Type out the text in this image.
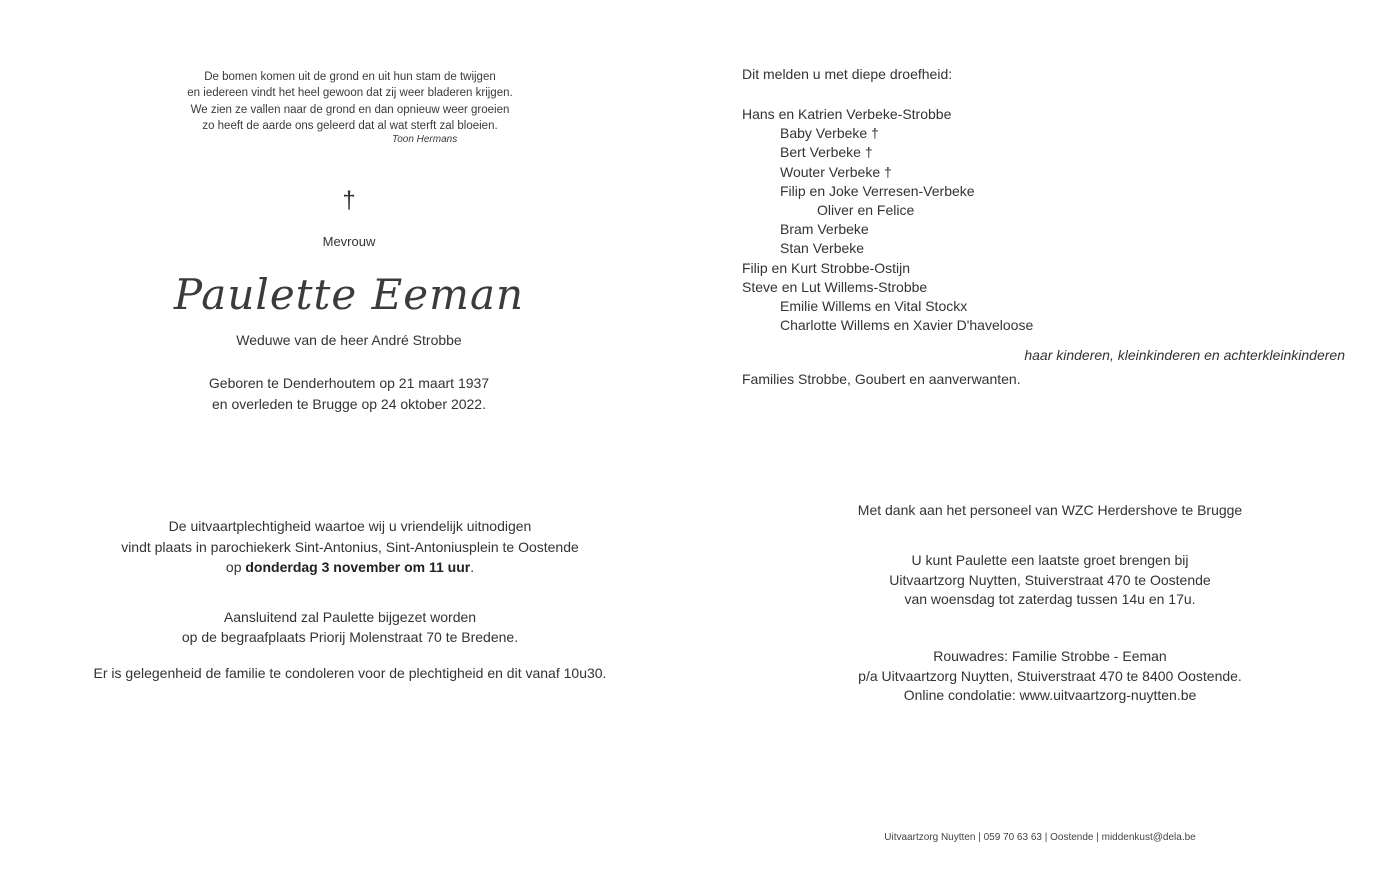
De bomen komen uit de grond en uit hun stam de twijgen
en iedereen vindt het heel gewoon dat zij weer bladeren krijgen.
We zien ze vallen naar de grond en dan opnieuw weer groeien
zo heeft de aarde ons geleerd dat al wat sterft zal bloeien.
Toon Hermans
†
Mevrouw
Paulette Eeman
Weduwe van de heer André Strobbe
Geboren te Denderhoutem op 21 maart 1937
en overleden te Brugge op 24 oktober 2022.
De uitvaartplechtigheid waartoe wij u vriendelijk uitnodigen
vindt plaats in parochiekerk Sint-Antonius, Sint-Antoniusplein te Oostende
op donderdag 3 november om 11 uur.
Aansluitend zal Paulette bijgezet worden
op de begraafplaats Priorij Molenstraat 70 te Bredene.
Er is gelegenheid de familie te condoleren voor de plechtigheid en dit vanaf 10u30.
Dit melden u met diepe droefheid:
Hans en Katrien Verbeke-Strobbe
Baby Verbeke †
Bert Verbeke †
Wouter Verbeke †
Filip en Joke Verresen-Verbeke
Oliver en Felice
Bram Verbeke
Stan Verbeke
Filip en Kurt Strobbe-Ostijn
Steve en Lut Willems-Strobbe
Emilie Willems en Vital Stockx
Charlotte Willems en Xavier D'haveloose
haar kinderen, kleinkinderen en achterkleinkinderen
Families Strobbe, Goubert en aanverwanten.
Met dank aan het personeel van WZC Herdershove te Brugge
U kunt Paulette een laatste groet brengen bij
Uitvaartzorg Nuytten, Stuiverstraat 470 te Oostende
van woensdag tot zaterdag tussen 14u en 17u.
Rouwadres: Familie Strobbe - Eeman
p/a Uitvaartzorg Nuytten, Stuiverstraat 470 te 8400 Oostende.
Online condolatie: www.uitvaartzorg-nuytten.be
Uitvaartzorg Nuytten | 059 70 63 63 | Oostende | middenkust@dela.be
